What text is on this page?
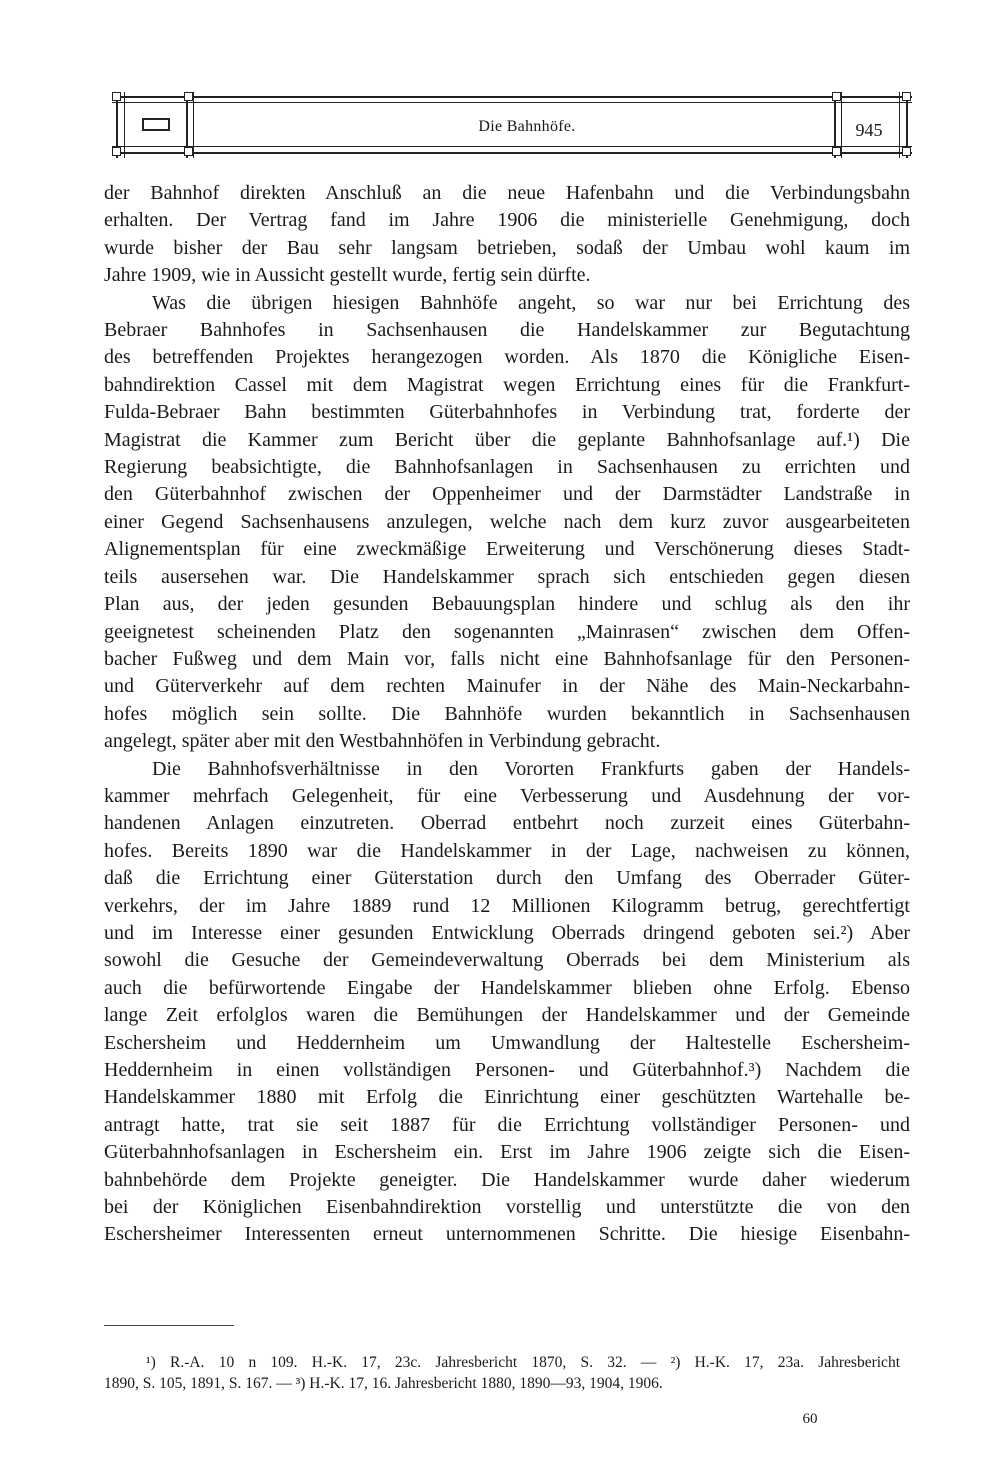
Die Bahnhöfe.	945
der Bahnhof direkten Anschluß an die neue Hafenbahn und die Verbindungsbahn
erhalten. Der Vertrag fand im Jahre 1906 die ministerielle Genehmigung, doch
wurde bisher der Bau sehr langsam betrieben, sodaß der Umbau wohl kaum im
Jahre 1909, wie in Aussicht gestellt wurde, fertig sein dürfte.
Was die übrigen hiesigen Bahnhöfe angeht, so war nur bei Errichtung des
Bebraer Bahnhofes in Sachsenhausen die Handelskammer zur Begutachtung
des betreffenden Projektes herangezogen worden. Als 1870 die Königliche Eisen-
bahndirektion Cassel mit dem Magistrat wegen Errichtung eines für die Frankfurt-
Fulda-Bebraer Bahn bestimmten Güterbahnhofes in Verbindung trat, forderte der
Magistrat die Kammer zum Bericht über die geplante Bahnhofsanlage auf.¹) Die
Regierung beabsichtigte, die Bahnhofsanlagen in Sachsenhausen zu errichten und
den Güterbahnhof zwischen der Oppenheimer und der Darmstädter Landstraße in
einer Gegend Sachsenhausens anzulegen, welche nach dem kurz zuvor ausgearbeiteten
Alignementsplan für eine zweckmäßige Erweiterung und Verschönerung dieses Stadt-
teils ausersehen war. Die Handelskammer sprach sich entschieden gegen diesen
Plan aus, der jeden gesunden Bebauungsplan hindere und schlug als den ihr
geeignetest scheinenden Platz den sogenannten „Mainrasen“ zwischen dem Offen-
bacher Fußweg und dem Main vor, falls nicht eine Bahnhofsanlage für den Personen-
und Güterverkehr auf dem rechten Mainufer in der Nähe des Main-Neckarbahn-
hofes möglich sein sollte. Die Bahnhöfe wurden bekanntlich in Sachsenhausen
angelegt, später aber mit den Westbahnhöfen in Verbindung gebracht.
Die Bahnhofsverhältnisse in den Vororten Frankfurts gaben der Handels-
kammer mehrfach Gelegenheit, für eine Verbesserung und Ausdehnung der vor-
handenen Anlagen einzutreten. Oberrad entbehrt noch zurzeit eines Güterbahn-
hofes. Bereits 1890 war die Handelskammer in der Lage, nachweisen zu können,
daß die Errichtung einer Güterstation durch den Umfang des Oberrader Güter-
verkehrs, der im Jahre 1889 rund 12 Millionen Kilogramm betrug, gerechtfertigt
und im Interesse einer gesunden Entwicklung Oberrads dringend geboten sei.²) Aber
sowohl die Gesuche der Gemeindeverwaltung Oberrads bei dem Ministerium als
auch die befürwortende Eingabe der Handelskammer blieben ohne Erfolg. Ebenso
lange Zeit erfolglos waren die Bemühungen der Handelskammer und der Gemeinde
Eschersheim und Heddernheim um Umwandlung der Haltestelle Eschersheim-
Heddernheim in einen vollständigen Personen- und Güterbahnhof.³) Nachdem die
Handelskammer 1880 mit Erfolg die Einrichtung einer geschützten Wartehalle be-
antragt hatte, trat sie seit 1887 für die Errichtung vollständiger Personen- und
Güterbahnhofsanlagen in Eschersheim ein. Erst im Jahre 1906 zeigte sich die Eisen-
bahnbehörde dem Projekte geneigter. Die Handelskammer wurde daher wiederum
bei der Königlichen Eisenbahndirektion vorstellig und unterstützte die von den
Eschersheimer Interessenten erneut unternommenen Schritte. Die hiesige Eisenbahn-
¹) R.-A. 10 n 109. H.-K. 17, 23c. Jahresbericht 1870, S. 32. — ²) H.-K. 17, 23a. Jahresbericht
1890, S. 105, 1891, S. 167. — ³) H.-K. 17, 16. Jahresbericht 1880, 1890—93, 1904, 1906.
60
